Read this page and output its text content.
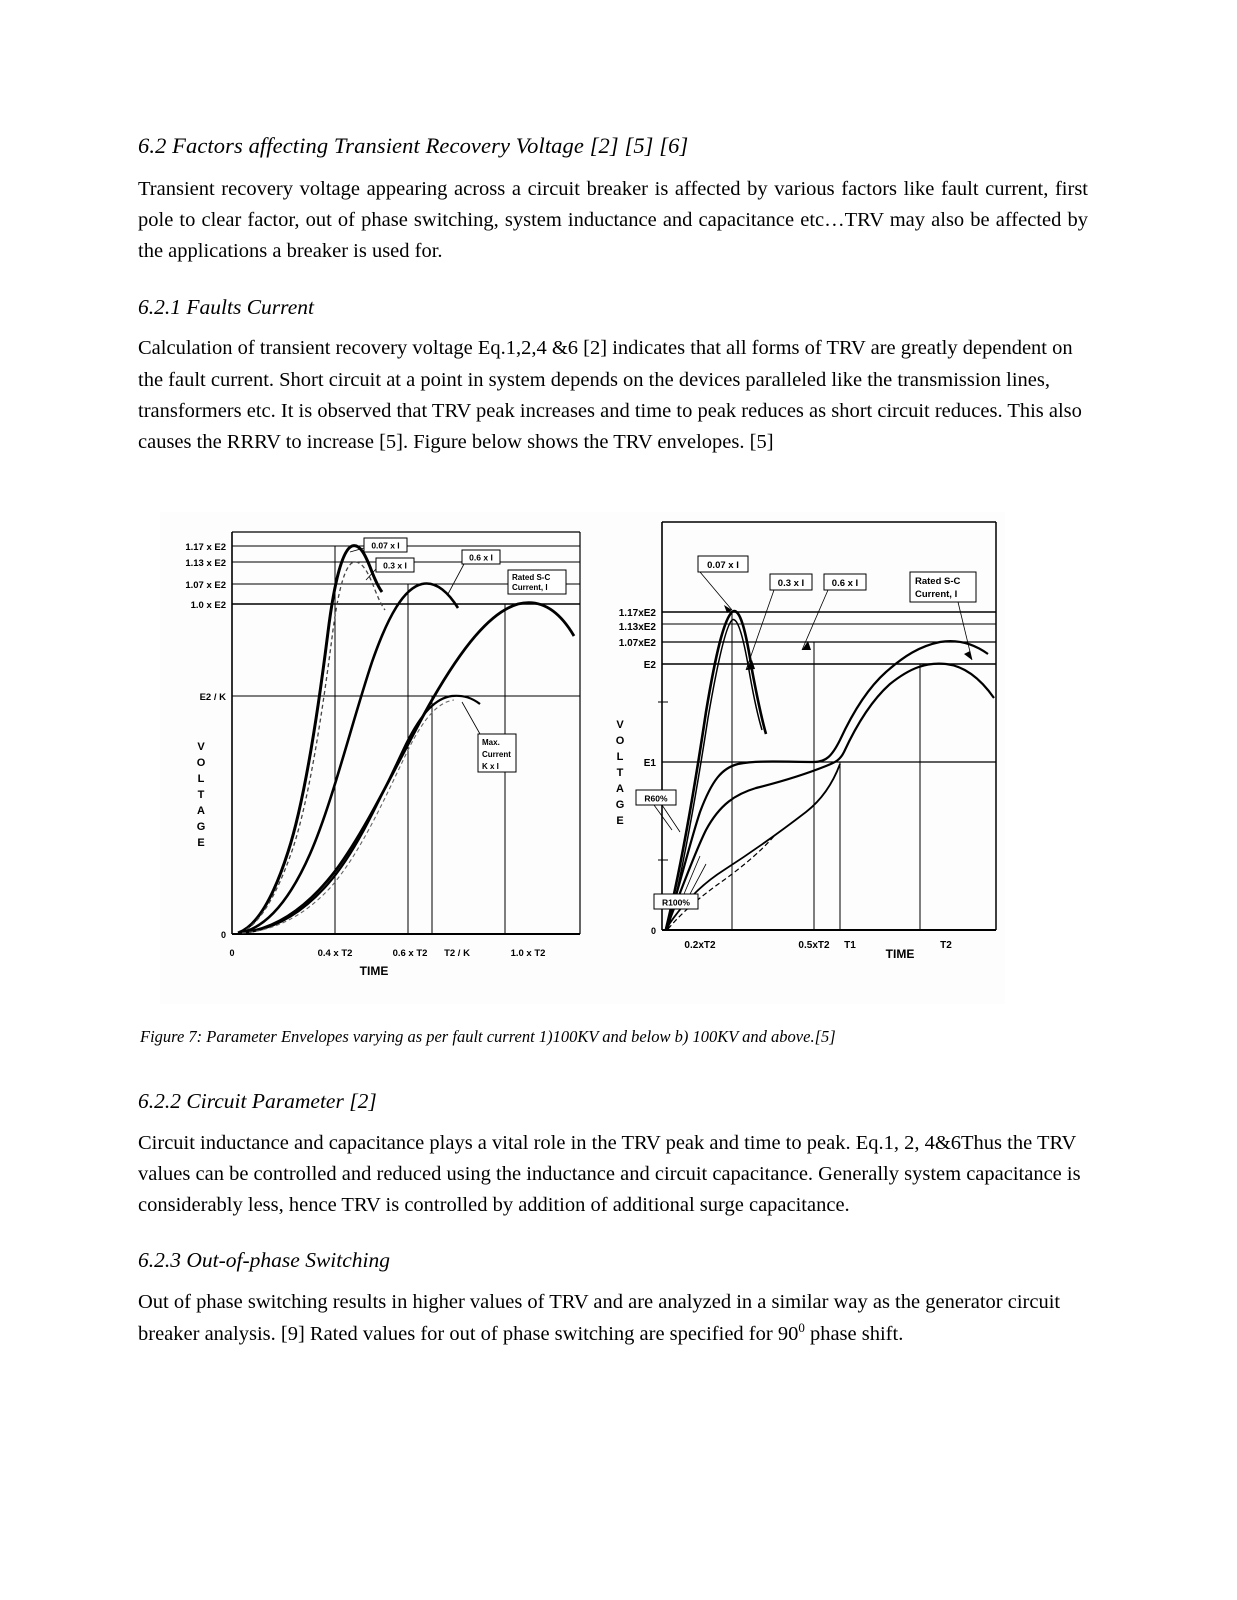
6.2 Factors affecting Transient Recovery Voltage [2] [5] [6]

Transient recovery voltage appearing across a circuit breaker is affected by various factors like fault current, first pole to clear factor, out of phase switching, system inductance and capacitance etc…TRV may also be affected by the applications a breaker is used for.

6.2.1 Faults Current

Calculation of transient recovery voltage Eq.1,2,4 &6 [2] indicates that all forms of TRV are greatly dependent on the fault current. Short circuit at a point in system depends on the devices paralleled like the transmission lines, transformers etc. It is observed that TRV peak increases and time to peak reduces as short circuit reduces. This also causes the RRRV to increase [5]. Figure below shows the TRV envelopes. [5]

1.17 x E2
1.13 x E2
1.07 x E2
1.0 x E2
E2 / K
0
0	0.4 x T2	0.6 x T2 T2 / K	1.0 x T2
TIME
V
O
L
T
A
G
E
0.07 x I
0.3 x I
0.6 x I
Rated S-C
Current, I
Max.
Current
K x I
1.17xE2
1.13xE2
1.07xE2
E2
E1
0
0.2xT2	0.5xT2 T1	T2
TIME
V
O
L
T
A
G
E
0.07 x I
0.3 x I	0.6 x I	Rated S-C
Current, I
R60%
R100%
Figure 7: Parameter Envelopes varying as per fault current 1)100KV and below b) 100KV and above.[5]
6.2.2 Circuit Parameter [2]

Circuit inductance and capacitance plays a vital role in the TRV peak and time to peak. Eq.1, 2, 4&6Thus the TRV values can be controlled and reduced using the inductance and circuit capacitance. Generally system capacitance is considerably less, hence TRV is controlled by addition of additional surge capacitance.

6.2.3 Out-of-phase Switching

Out of phase switching results in higher values of TRV and are analyzed in a similar way as the generator circuit breaker analysis. [9] Rated values for out of phase switching are specified for $90^0$ phase shift.
